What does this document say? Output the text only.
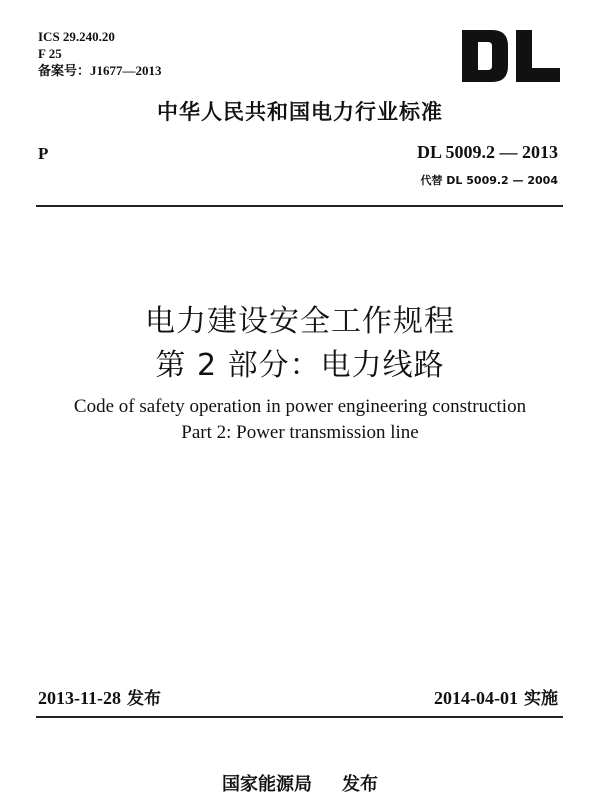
ICS 29.240.20
F 25
备案号：J1677—2013
中华人民共和国电力行业标准
P	DL 5009.2 — 2013
代替 DL 5009.2 — 2004
电力建设安全工作规程
第 2 部分：电力线路
Code of safety operation in power engineering construction
Part 2: Power transmission line
2013-11-28 发布	2014-04-01 实施
国家能源局 发布
